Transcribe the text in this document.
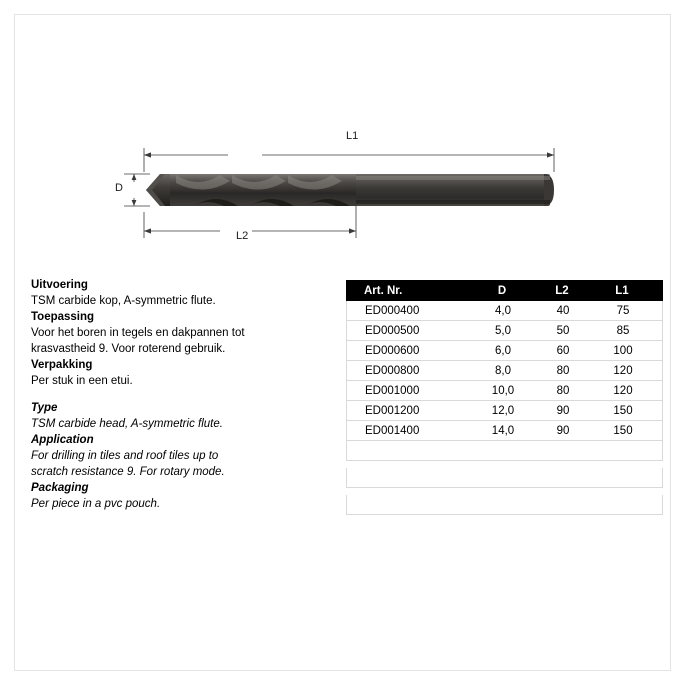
L1
L2
D

Uitvoering

TSM carbide kop, A-symmetric flute.

Toepassing

Voor het boren in tegels en dakpannen tot

krasvastheid 9. Voor roterend gebruik.

Verpakking

Per stuk in een etui.

Type

TSM carbide head, A-symmetric flute.

Application

For drilling in tiles and roof tiles up to

scratch resistance 9. For rotary mode.

Packaging

Per piece in a pvc pouch.

Art. Nr.	D	L2	L1
ED000400	4,0	40	75
ED000500	5,0	50	85
ED000600	6,0	60	100
ED000800	8,0	80	120
ED001000	10,0	80	120
ED001200	12,0	90	150
ED001400	14,0	90	150
